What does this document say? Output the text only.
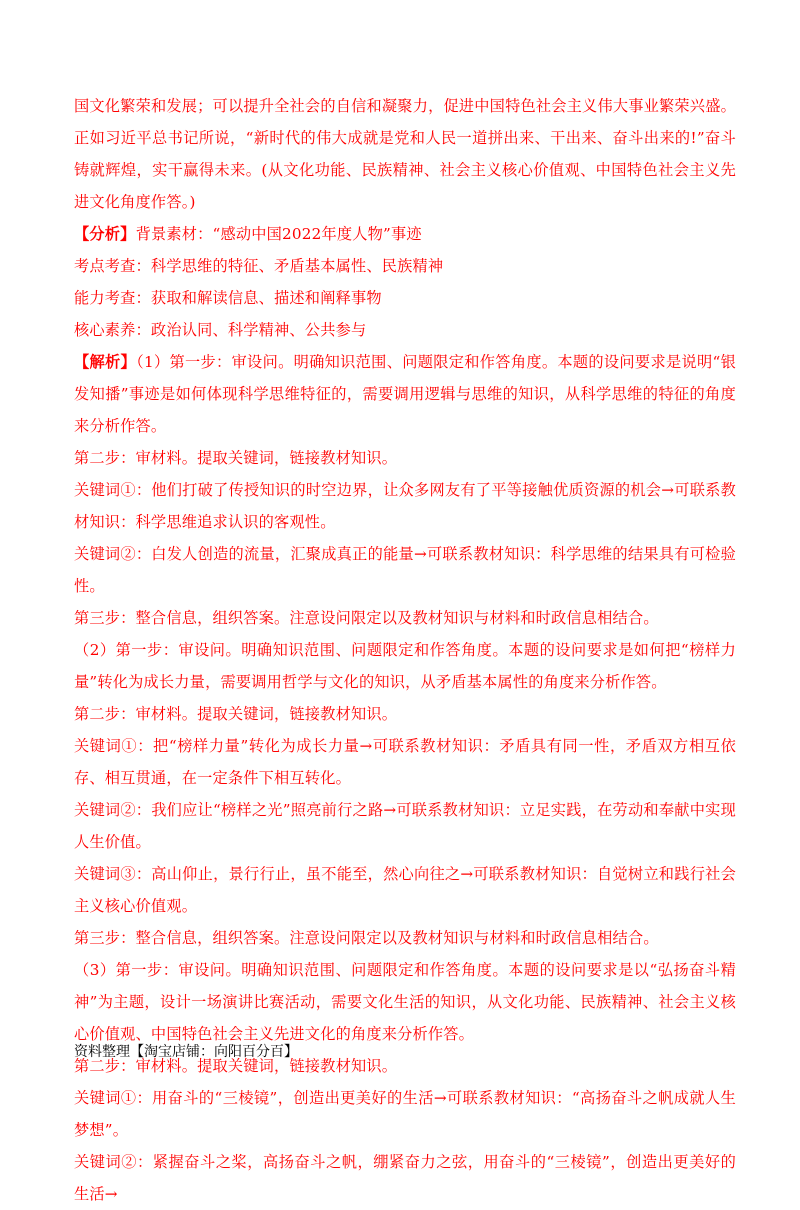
国文化繁荣和发展；可以提升全社会的自信和凝聚力，促进中国特色社会主义伟大事业繁荣兴盛。正如习近平总书记所说，“新时代的伟大成就是党和人民一道拼出来、干出来、奋斗出来的!”奋斗铸就辉煌，实干赢得未来。(从文化功能、民族精神、社会主义核心价值观、中国特色社会主义先进文化角度作答。)

【分析】背景素材：“感动中国2022年度人物”事迹

考点考查：科学思维的特征、矛盾基本属性、民族精神

能力考查：获取和解读信息、描述和阐释事物

核心素养：政治认同、科学精神、公共参与

【解析】（1）第一步：审设问。明确知识范围、问题限定和作答角度。本题的设问要求是说明“银发知播”事迹是如何体现科学思维特征的，需要调用逻辑与思维的知识，从科学思维的特征的角度来分析作答。

第二步：审材料。提取关键词，链接教材知识。

关键词①：他们打破了传授知识的时空边界，让众多网友有了平等接触优质资源的机会→可联系教材知识：科学思维追求认识的客观性。

关键词②：白发人创造的流量，汇聚成真正的能量→可联系教材知识：科学思维的结果具有可检验性。

第三步：整合信息，组织答案。注意设问限定以及教材知识与材料和时政信息相结合。

（2）第一步：审设问。明确知识范围、问题限定和作答角度。本题的设问要求是如何把“榜样力量”转化为成长力量，需要调用哲学与文化的知识，从矛盾基本属性的角度来分析作答。

第二步：审材料。提取关键词，链接教材知识。

关键词①：把“榜样力量”转化为成长力量→可联系教材知识：矛盾具有同一性，矛盾双方相互依存、相互贯通，在一定条件下相互转化。

关键词②：我们应让“榜样之光”照亮前行之路→可联系教材知识：立足实践，在劳动和奉献中实现人生价值。

关键词③：高山仰止，景行行止，虽不能至，然心向往之→可联系教材知识：自觉树立和践行社会主义核心价值观。

第三步：整合信息，组织答案。注意设问限定以及教材知识与材料和时政信息相结合。

（3）第一步：审设问。明确知识范围、问题限定和作答角度。本题的设问要求是以“弘扬奋斗精神”为主题，设计一场演讲比赛活动，需要文化生活的知识，从文化功能、民族精神、社会主义核心价值观、中国特色社会主义先进文化的角度来分析作答。

第二步：审材料。提取关键词，链接教材知识。

关键词①：用奋斗的“三棱镜”，创造出更美好的生活→可联系教材知识：“高扬奋斗之帆成就人生梦想”。

关键词②：紧握奋斗之桨，高扬奋斗之帆，绷紧奋力之弦，用奋斗的“三棱镜”，创造出更美好的生活→

资料整理【淘宝店铺：向阳百分百】
